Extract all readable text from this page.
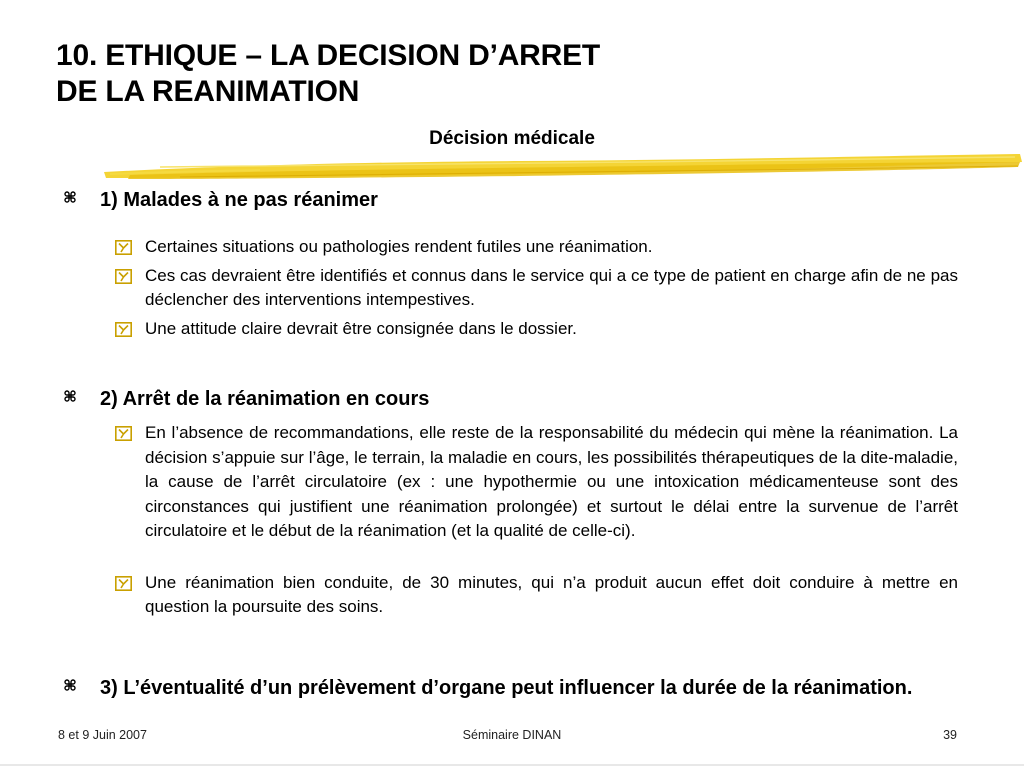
10. ETHIQUE – LA DECISION D’ARRET
DE LA REANIMATION
Décision médicale
1) Malades à ne pas réanimer
Certaines situations ou pathologies rendent futiles une réanimation.
Ces cas devraient être identifiés et connus dans le service qui a ce type de patient en charge afin de ne pas déclencher des interventions intempestives.
Une attitude claire devrait être consignée dans le dossier.
2) Arrêt de la réanimation en cours
En l’absence de recommandations, elle reste de la responsabilité du médecin qui mène la réanimation. La décision s’appuie sur l’âge, le terrain, la maladie en cours, les possibilités thérapeutiques de la dite-maladie, la cause de l’arrêt circulatoire (ex : une hypothermie ou une intoxication médicamenteuse sont des circonstances qui justifient une réanimation prolongée) et surtout le délai entre la survenue de l’arrêt circulatoire et le début de la réanimation (et la qualité de celle-ci).
Une réanimation bien conduite, de 30 minutes, qui n’a produit aucun effet doit conduire à mettre en question la poursuite des soins.
3) L’éventualité d’un prélèvement d’organe peut influencer la durée de la réanimation.
8 et 9 Juin 2007	Séminaire DINAN	39
